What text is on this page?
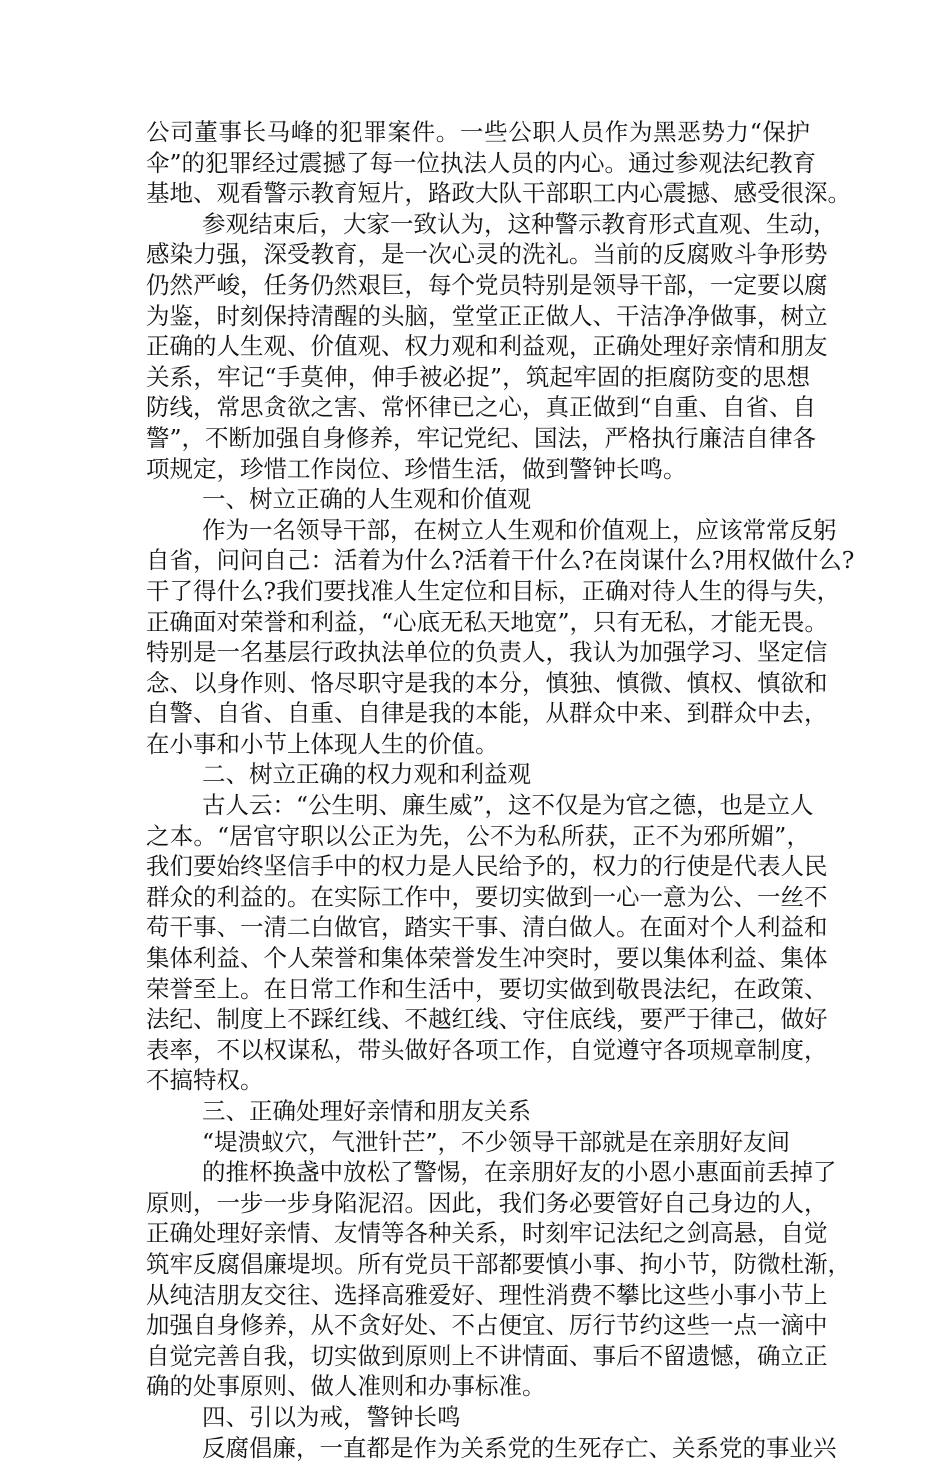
公司董事长马峰的犯罪案件。一些公职人员作为黑恶势力“保护
伞”的犯罪经过震撼了每一位执法人员的内心。通过参观法纪教育
基地、观看警示教育短片，路政大队干部职工内心震撼、感受很深。
参观结束后，大家一致认为，这种警示教育形式直观、生动，
感染力强，深受教育，是一次心灵的洗礼。当前的反腐败斗争形势
仍然严峻，任务仍然艰巨，每个党员特别是领导干部，一定要以腐
为鉴，时刻保持清醒的头脑，堂堂正正做人、干洁净净做事，树立
正确的人生观、价值观、权力观和利益观，正确处理好亲情和朋友
关系，牢记“手莫伸，伸手被必捉”，筑起牢固的拒腐防变的思想
防线，常思贪欲之害、常怀律已之心，真正做到“自重、自省、自
警”，不断加强自身修养，牢记党纪、国法，严格执行廉洁自律各
项规定，珍惜工作岗位、珍惜生活，做到警钟长鸣。
一、树立正确的人生观和价值观
作为一名领导干部，在树立人生观和价值观上，应该常常反躬
自省，问问自己：活着为什么?活着干什么?在岗谋什么?用权做什么?
干了得什么?我们要找准人生定位和目标，正确对待人生的得与失，
正确面对荣誉和利益，“心底无私天地宽”，只有无私，才能无畏。
特别是一名基层行政执法单位的负责人，我认为加强学习、坚定信
念、以身作则、恪尽职守是我的本分，慎独、慎微、慎权、慎欲和
自警、自省、自重、自律是我的本能，从群众中来、到群众中去，
在小事和小节上体现人生的价值。
二、树立正确的权力观和利益观
古人云：“公生明、廉生威”，这不仅是为官之德，也是立人
之本。“居官守职以公正为先，公不为私所获，正不为邪所媚”，
我们要始终坚信手中的权力是人民给予的，权力的行使是代表人民
群众的利益的。在实际工作中，要切实做到一心一意为公、一丝不
苟干事、一清二白做官，踏实干事、清白做人。在面对个人利益和
集体利益、个人荣誉和集体荣誉发生冲突时，要以集体利益、集体
荣誉至上。在日常工作和生活中，要切实做到敬畏法纪，在政策、
法纪、制度上不踩红线、不越红线、守住底线，要严于律己，做好
表率，不以权谋私，带头做好各项工作，自觉遵守各项规章制度，
不搞特权。
三、正确处理好亲情和朋友关系
“堤溃蚁穴，气泄针芒”，不少领导干部就是在亲朋好友间
的推杯换盏中放松了警惕，在亲朋好友的小恩小惠面前丢掉了
原则，一步一步身陷泥沼。因此，我们务必要管好自己身边的人，
正确处理好亲情、友情等各种关系，时刻牢记法纪之剑高悬，自觉
筑牢反腐倡廉堤坝。所有党员干部都要慎小事、拘小节，防微杜渐，
从纯洁朋友交往、选择高雅爱好、理性消费不攀比这些小事小节上
加强自身修养，从不贪好处、不占便宜、厉行节约这些一点一滴中
自觉完善自我，切实做到原则上不讲情面、事后不留遗憾，确立正
确的处事原则、做人准则和办事标准。
四、引以为戒，警钟长鸣
反腐倡廉，一直都是作为关系党的生死存亡、关系党的事业兴
